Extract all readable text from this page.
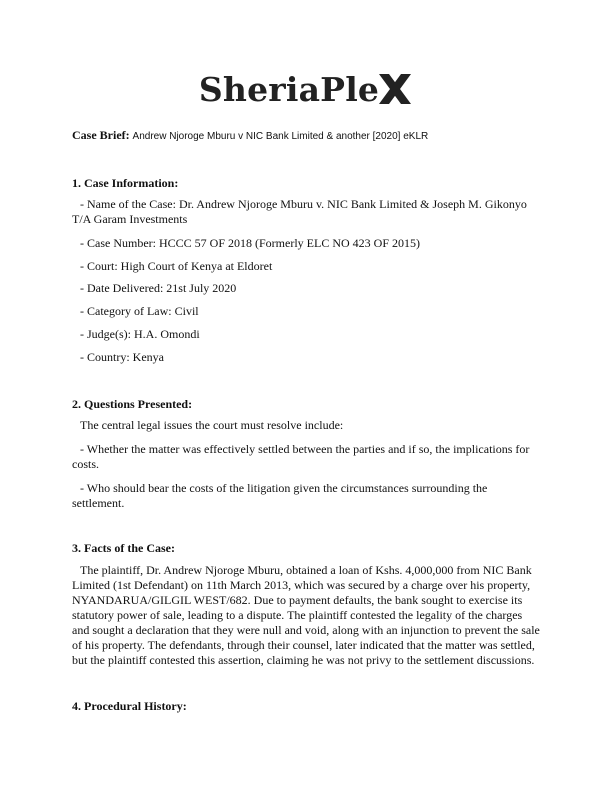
SheriaPle
Case Brief: Andrew Njoroge Mburu v NIC Bank Limited & another [2020] eKLR
1. Case Information:
- Name of the Case: Dr. Andrew Njoroge Mburu v. NIC Bank Limited & Joseph M. Gikonyo T/A Garam Investments
- Case Number: HCCC 57 OF 2018 (Formerly ELC NO 423 OF 2015)
- Court: High Court of Kenya at Eldoret
- Date Delivered: 21st July 2020
- Category of Law: Civil
- Judge(s): H.A. Omondi
- Country: Kenya
2. Questions Presented:
The central legal issues the court must resolve include:
- Whether the matter was effectively settled between the parties and if so, the implications for costs.
- Who should bear the costs of the litigation given the circumstances surrounding the settlement.
3. Facts of the Case:
The plaintiff, Dr. Andrew Njoroge Mburu, obtained a loan of Kshs. 4,000,000 from NIC Bank Limited (1st Defendant) on 11th March 2013, which was secured by a charge over his property, NYANDARUA/GILGIL WEST/682. Due to payment defaults, the bank sought to exercise its statutory power of sale, leading to a dispute. The plaintiff contested the legality of the charges and sought a declaration that they were null and void, along with an injunction to prevent the sale of his property. The defendants, through their counsel, later indicated that the matter was settled, but the plaintiff contested this assertion, claiming he was not privy to the settlement discussions.
4. Procedural History:
